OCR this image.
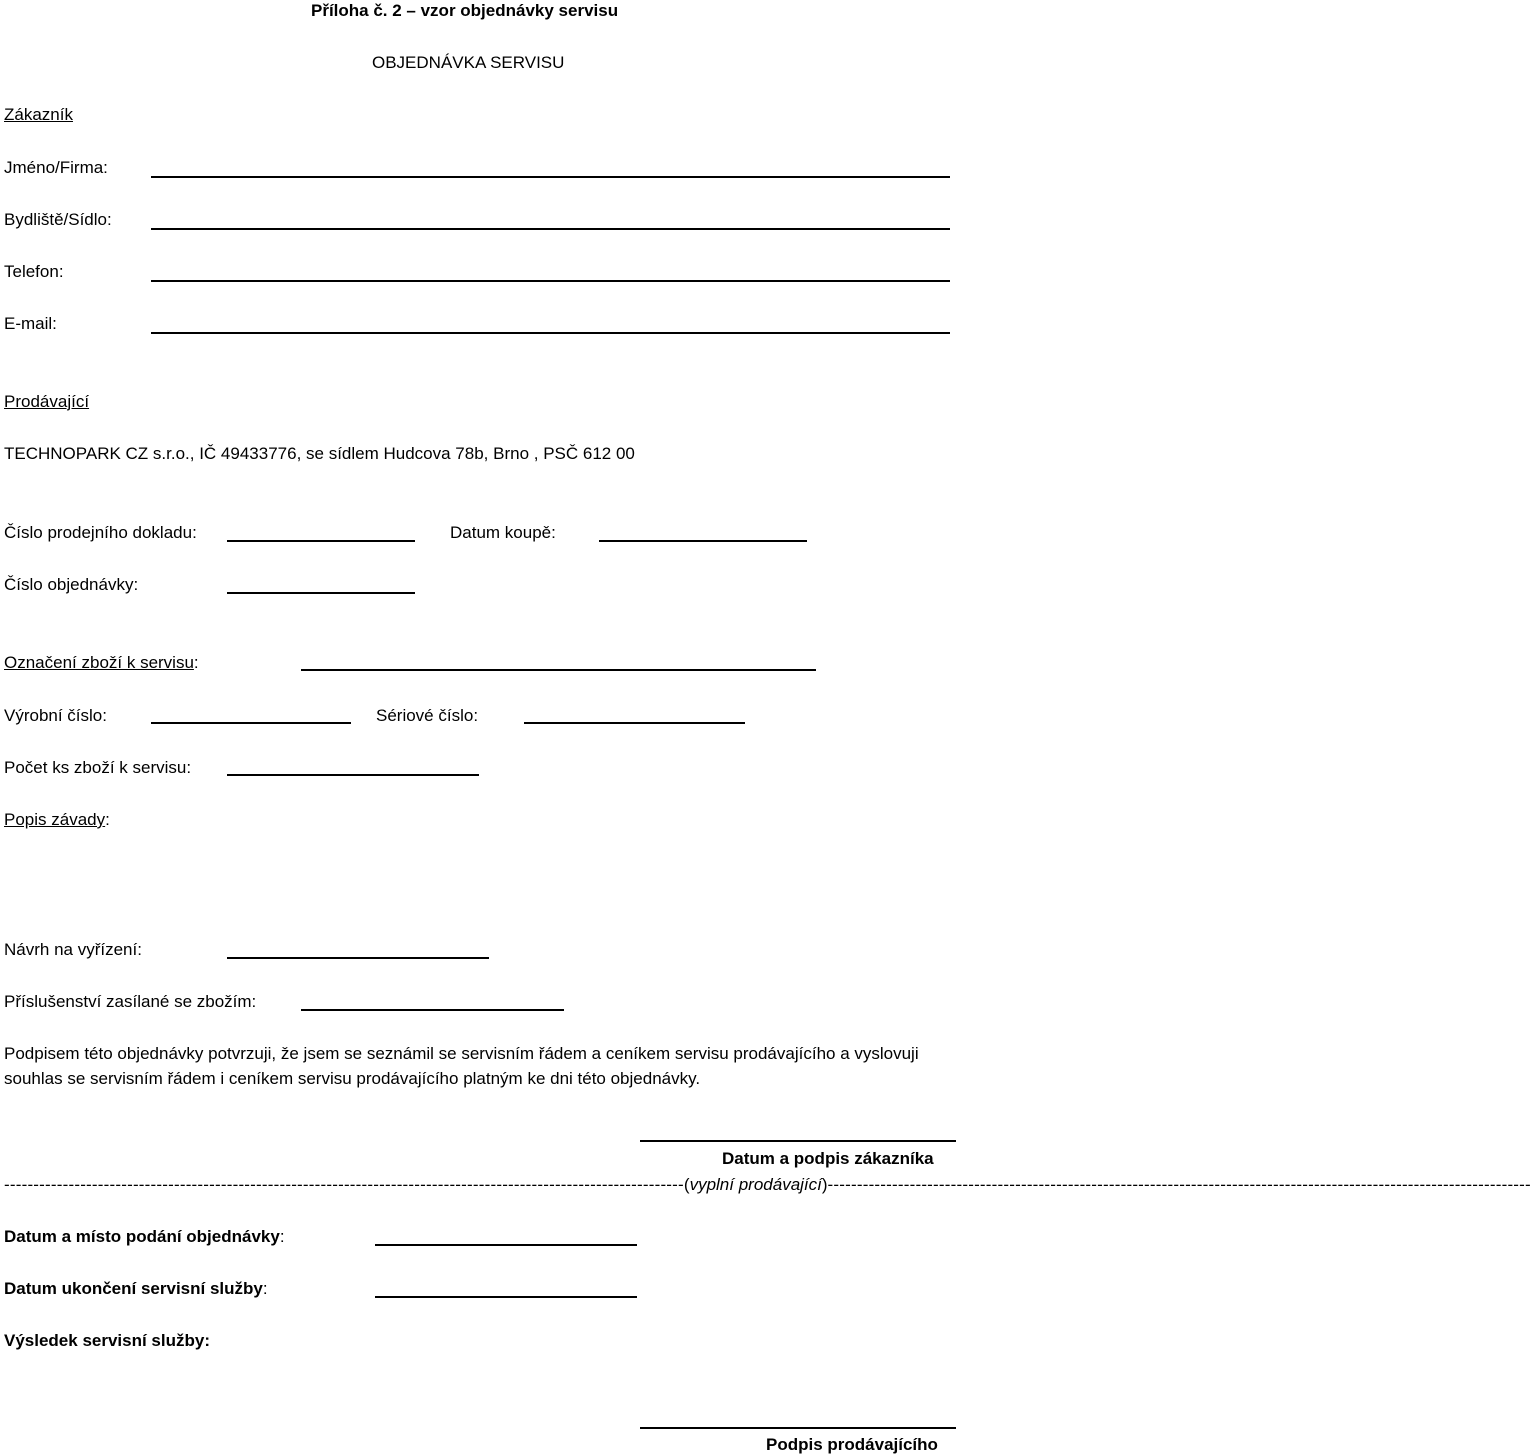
Příloha č. 2 – vzor objednávky servisu
OBJEDNÁVKA SERVISU
Zákazník
Jméno/Firma:
Bydliště/Sídlo:
Telefon:
E-mail:
Prodávající
TECHNOPARK CZ s.r.o., IČ 49433776, se sídlem Hudcova 78b, Brno , PSČ 612 00
Číslo prodejního dokladu:	Datum koupě:
Číslo objednávky:
Označení zboží k servisu:
Výrobní číslo:	Sériové číslo:
Počet ks zboží k servisu:
Popis závady:
Návrh na vyřízení:
Příslušenství zasílané se zbožím:
Podpisem této objednávky potvrzuji, že jsem se seznámil se servisním řádem a ceníkem servisu prodávajícího a vyslovuji souhlas se servisním řádem i ceníkem servisu prodávajícího platným ke dni této objednávky.
Datum a podpis zákazníka
-------------------------------------------------------------------------------------------------------------------- (vyplní prodávající) ------------------------------------------------------------------------------------------------------------------------
Datum a místo podání objednávky:
Datum ukončení servisní služby:
Výsledek servisní služby:
Podpis prodávajícího
